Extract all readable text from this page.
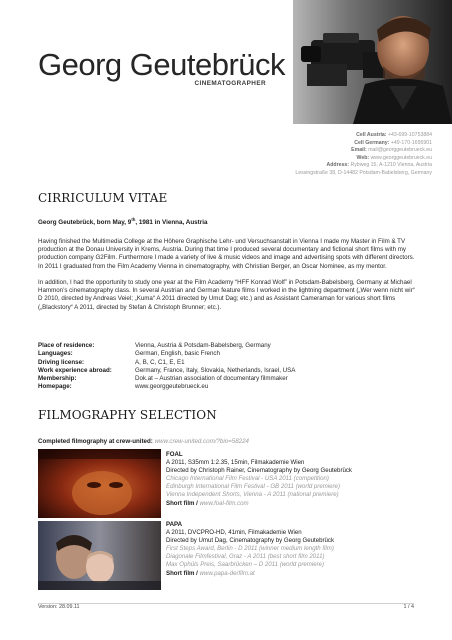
Georg Geutebrück
CINEMATOGRAPHER
Cell Austria: +43-699-10753884
Cell Germany: +49-170-1695901
Email: mail@georggeutebrueck.eu
Web: www.georggeutebrueck.eu
Address: Rybweg 15, A-1210 Vienna, Austria
Lessingstraße 38, D-14482 Potsdam-Babelsberg, Germany
CIRRICULUM VITAE
Georg Geutebrück, born May, 9th, 1981 in Vienna, Austria
Having finished the Multimedia College at the Höhere Graphische Lehr- und Versuchsanstalt in Vienna I made my Master in Film & TV production at the Donau University in Krems, Austria. During that time I produced several documentary and fictional short films with my production company G2Film. Furthermore I made a variety of live & music videos and image and advertising spots with different directors. In 2011 I graduated from the Film Academy Vienna in cinematography, with Christian Berger, an Oscar Nominee, as my mentor.
In addition, I had the opportunity to study one year at the Film Academy “HFF Konrad Wolf” in Potsdam-Babelsberg, Germany at Michael Hammon’s cinematography class. In several Austrian and German feature films I worked in the lightning department („Wer wenn nicht wir“ D 2010, directed by Andreas Veiel; „Kuma“ A 2011 directed by Umut Dag; etc.) and as Assistant Cameraman for various short films („Blackstory“ A 2011, directed by Stefan & Christoph Brunner; etc.).
Place of residence:	Vienna, Austria & Potsdam-Babelsberg, Germany
Languages:	German, English, basic French
Driving license:	A, B, C, C1, E, E1
Work experience abroad:	Germany, France, Italy, Slovakia, Netherlands, Israel, USA
Membership:	Dok.at – Austrian association of documentary filmmaker
Homepage:	www.georggeutebrueck.eu
FILMOGRAPHY SELECTION
Completed filmography at crew-united: www.crew-united.com/?bio=58224
FOAL
A 2011, S35mm 1:2.35, 15min, Filmakademie Wien
Directed by Christoph Rainer, Cinematography by Georg Geutebrück
Chicago International Film Festival - USA 2011 (competition)
Edinburgh International Film Festival - GB 2011 (world premiere)
Vienna Independent Shorts, Vienna - A 2011 (national premiere)
Short film / www.foal-film.com
PAPA
A 2011, DVCPRO-HD, 41min, Filmakademie Wien
Directed by Umut Dag, Cinematography by Georg Geutebrück
First Steps Award, Berlin - D 2011 (winner medium length film)
Diagonale Filmfestival, Graz - A 2011 (best short film 2011)
Max Ophüls Preis, Saarbrücken – D 2011 (world premiere)
Short film / www.papa-derfilm.at
Version: 28.09.11	1 / 4
